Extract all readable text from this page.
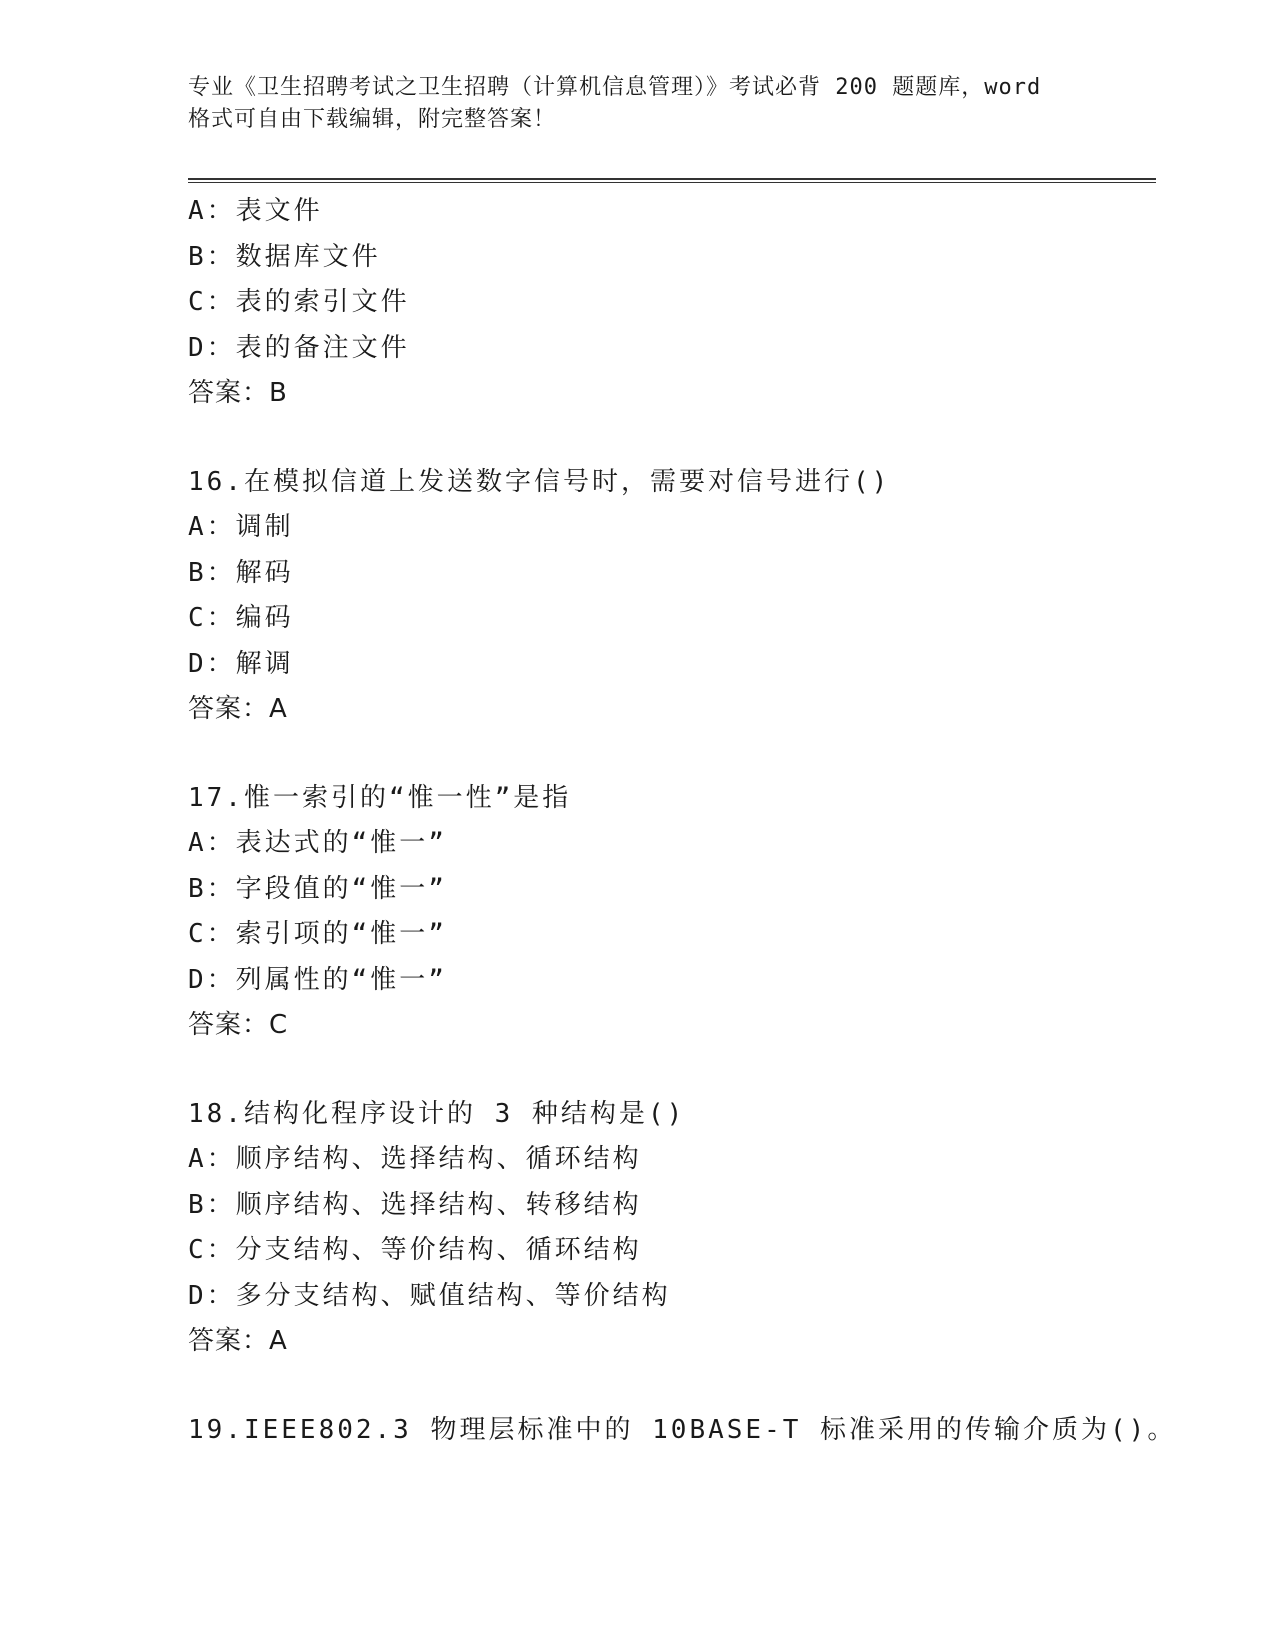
专业《卫生招聘考试之卫生招聘（计算机信息管理）》考试必背 200 题题库，word
格式可自由下载编辑，附完整答案！
A：表文件
B：数据库文件
C：表的索引文件
D：表的备注文件
答案：B
16.在模拟信道上发送数字信号时，需要对信号进行()
A：调制
B：解码
C：编码
D：解调
答案：A
17.惟一索引的“惟一性”是指
A：表达式的“惟一”
B：字段值的“惟一”
C：索引项的“惟一”
D：列属性的“惟一”
答案：C
18.结构化程序设计的 3 种结构是()
A：顺序结构、选择结构、循环结构
B：顺序结构、选择结构、转移结构
C：分支结构、等价结构、循环结构
D：多分支结构、赋值结构、等价结构
答案：A
19.IEEE802.3 物理层标准中的 10BASE-T 标准采用的传输介质为()。
